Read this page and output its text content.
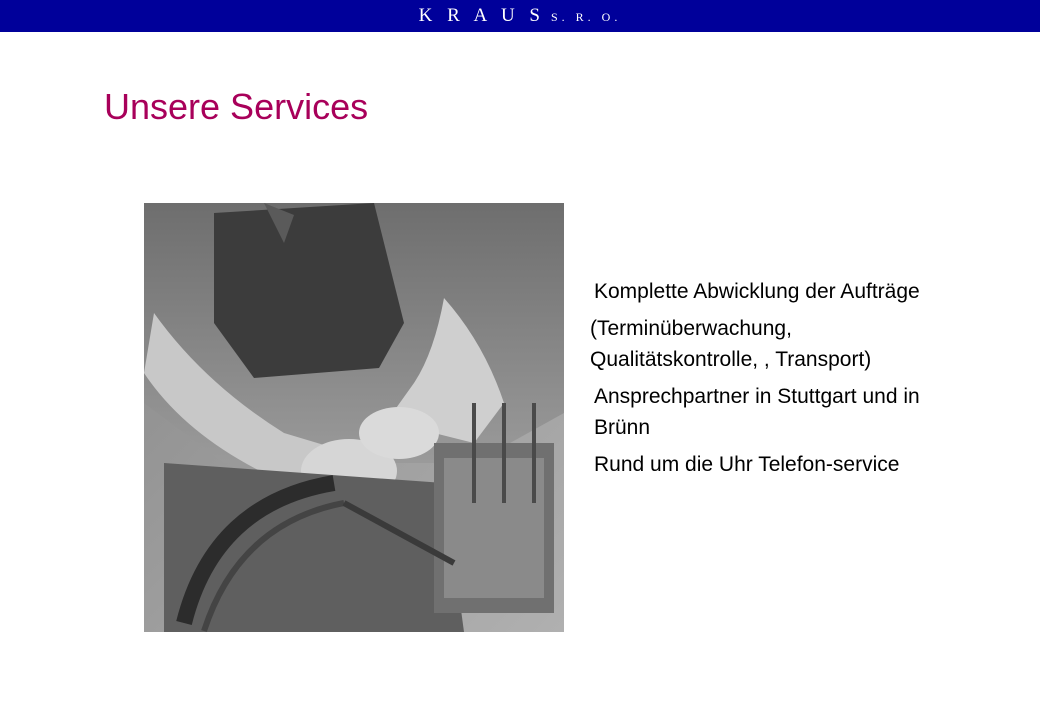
K R A U S S. R. O.
Unsere Services

Komplette Abwicklung der Aufträge

(Terminüberwachung, Qualitätskontrolle, , Transport)

Ansprechpartner in Stuttgart und in Brünn

Rund um die Uhr Telefon-service
